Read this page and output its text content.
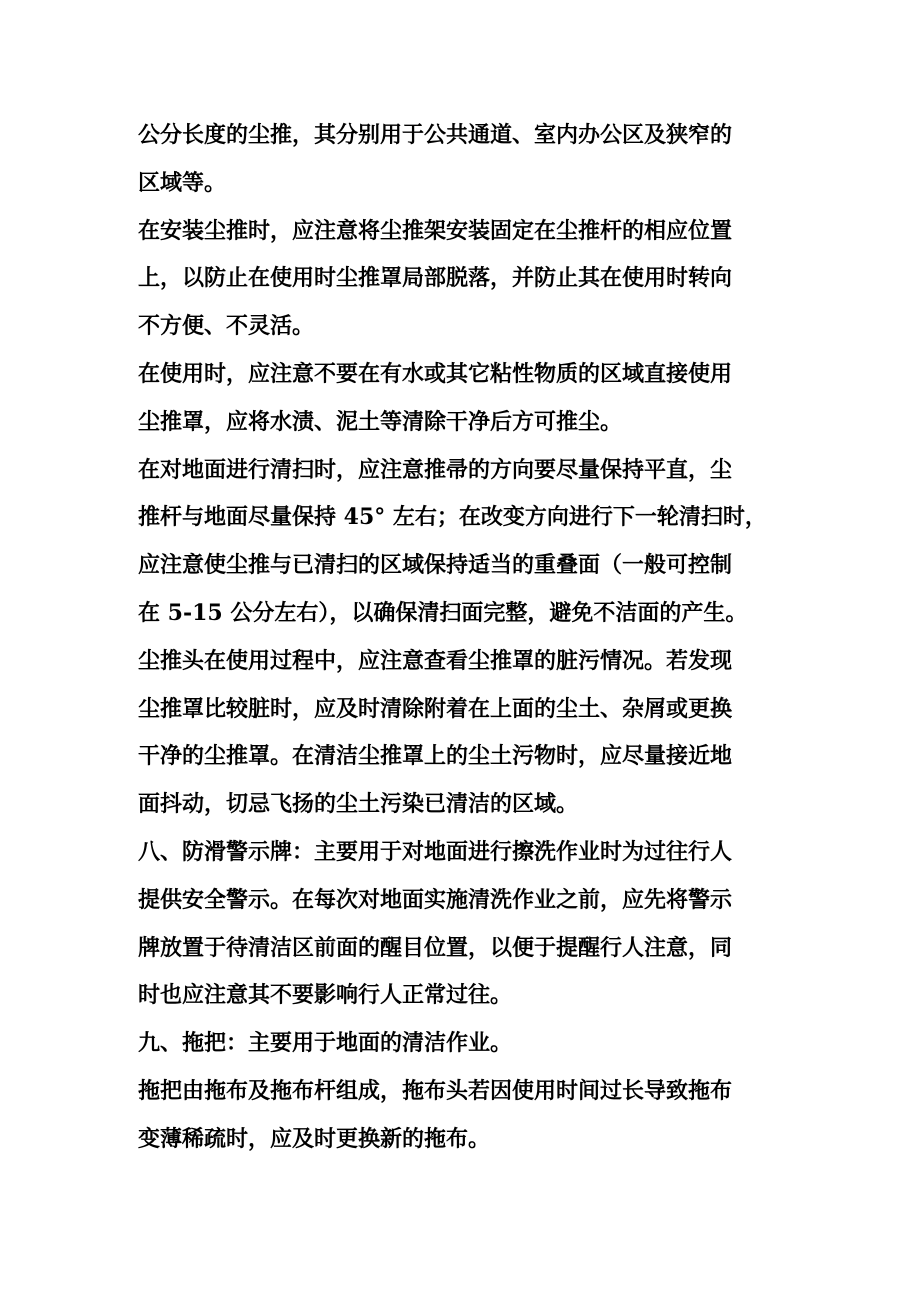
公分长度的尘推，其分别用于公共通道、室内办公区及狭窄的
区域等。
在安装尘推时，应注意将尘推架安装固定在尘推杆的相应位置
上，以防止在使用时尘推罩局部脱落，并防止其在使用时转向
不方便、不灵活。
在使用时，应注意不要在有水或其它粘性物质的区域直接使用
尘推罩，应将水渍、泥土等清除干净后方可推尘。
在对地面进行清扫时，应注意推帚的方向要尽量保持平直，尘
推杆与地面尽量保持 45° 左右；在改变方向进行下一轮清扫时，
应注意使尘推与已清扫的区域保持适当的重叠面（一般可控制
在 5-15 公分左右），以确保清扫面完整，避免不洁面的产生。
尘推头在使用过程中，应注意查看尘推罩的脏污情况。若发现
尘推罩比较脏时，应及时清除附着在上面的尘土、杂屑或更换
干净的尘推罩。在清洁尘推罩上的尘土污物时，应尽量接近地
面抖动，切忌飞扬的尘土污染已清洁的区域。
八、防滑警示牌：主要用于对地面进行擦洗作业时为过往行人
提供安全警示。在每次对地面实施清洗作业之前，应先将警示
牌放置于待清洁区前面的醒目位置，以便于提醒行人注意，同
时也应注意其不要影响行人正常过往。
九、拖把：主要用于地面的清洁作业。
拖把由拖布及拖布杆组成，拖布头若因使用时间过长导致拖布
变薄稀疏时，应及时更换新的拖布。
